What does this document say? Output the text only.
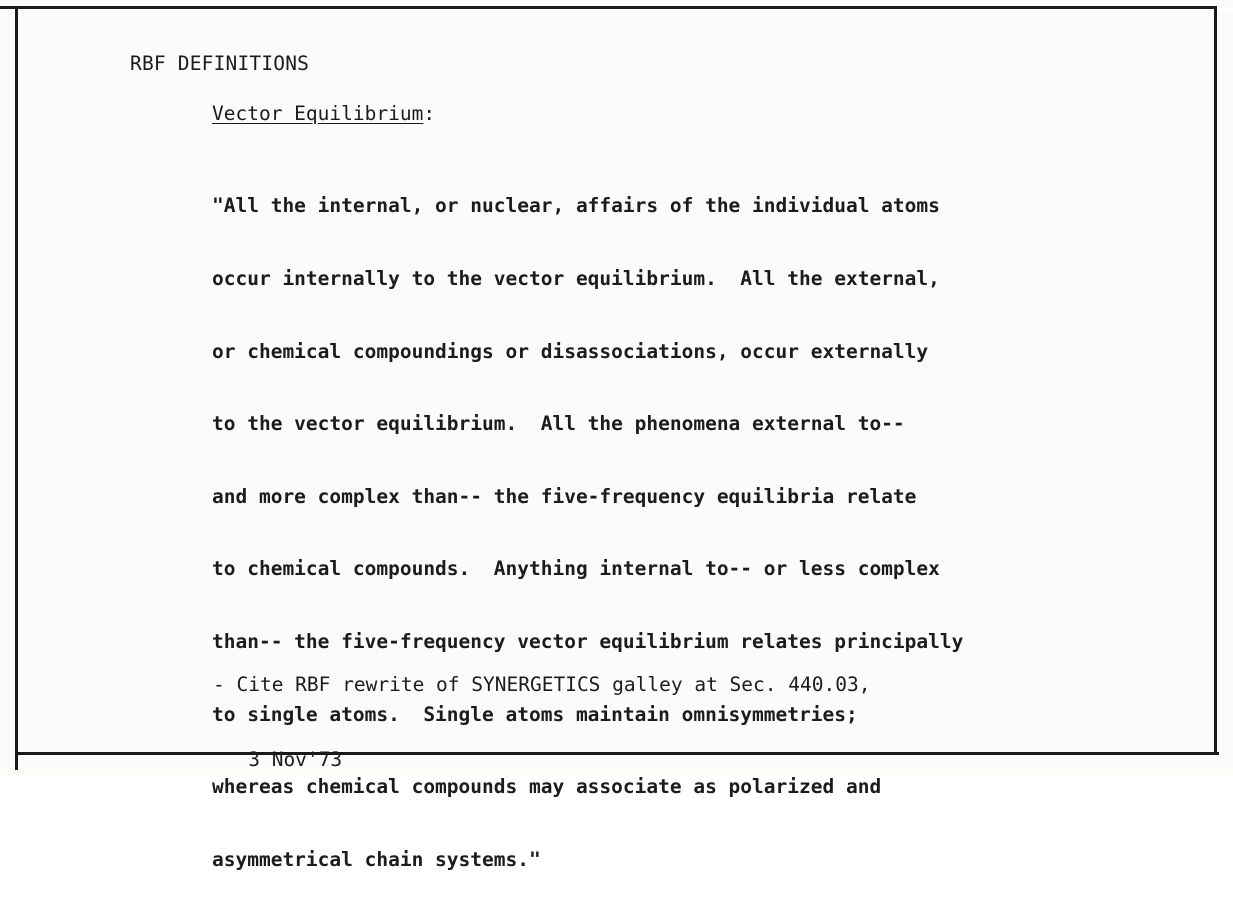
RBF DEFINITIONS
Vector Equilibrium:

"All the internal, or nuclear, affairs of the individual atoms

occur internally to the vector equilibrium.  All the external,

or chemical compoundings or disassociations, occur externally

to the vector equilibrium.  All the phenomena external to--

and more complex than-- the five-frequency equilibria relate

to chemical compounds.  Anything internal to-- or less complex

than-- the five-frequency vector equilibrium relates principally

to single atoms.  Single atoms maintain omnisymmetries;

whereas chemical compounds may associate as polarized and

asymmetrical chain systems."

- Cite RBF rewrite of SYNERGETICS galley at Sec. 440.03,

3 Nov'73
